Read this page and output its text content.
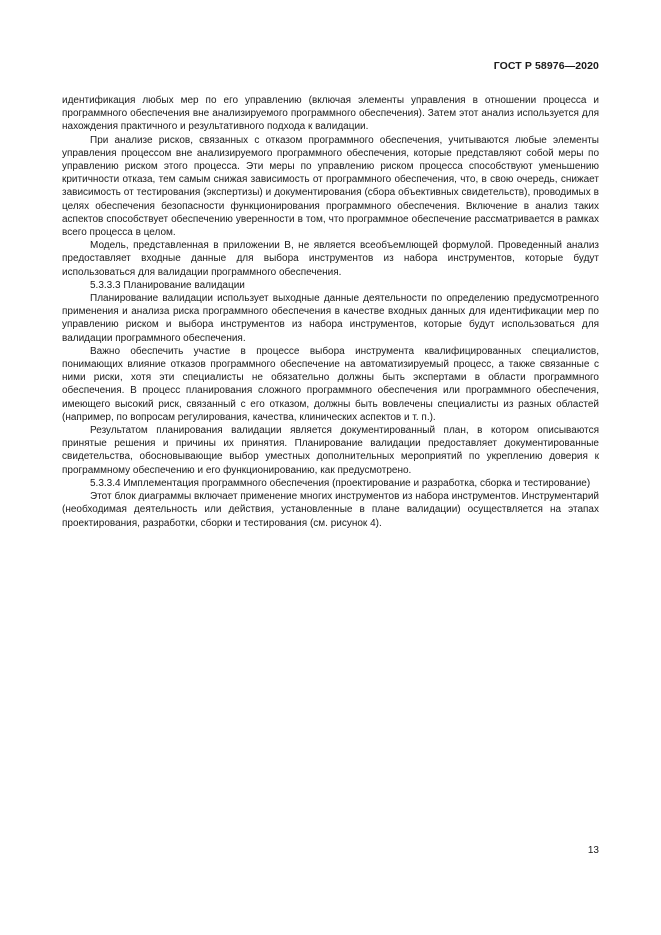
ГОСТ Р 58976—2020

идентификация любых мер по его управлению (включая элементы управления в отношении процесса и программного обеспечения вне анализируемого программного обеспечения). Затем этот анализ используется для нахождения практичного и результативного подхода к валидации.

При анализе рисков, связанных с отказом программного обеспечения, учитываются любые элементы управления процессом вне анализируемого программного обеспечения, которые представляют собой меры по управлению риском этого процесса. Эти меры по управлению риском процесса способствуют уменьшению критичности отказа, тем самым снижая зависимость от программного обеспечения, что, в свою очередь, снижает зависимость от тестирования (экспертизы) и документирования (сбора объективных свидетельств), проводимых в целях обеспечения безопасности функционирования программного обеспечения. Включение в анализ таких аспектов способствует обеспечению уверенности в том, что программное обеспечение рассматривается в рамках всего процесса в целом.

Модель, представленная в приложении В, не является всеобъемлющей формулой. Проведенный анализ предоставляет входные данные для выбора инструментов из набора инструментов, которые будут использоваться для валидации программного обеспечения.

5.3.3.3 Планирование валидации

Планирование валидации использует выходные данные деятельности по определению предусмотренного применения и анализа риска программного обеспечения в качестве входных данных для идентификации мер по управлению риском и выбора инструментов из набора инструментов, которые будут использоваться для валидации программного обеспечения.

Важно обеспечить участие в процессе выбора инструмента квалифицированных специалистов, понимающих влияние отказов программного обеспечение на автоматизируемый процесс, а также связанные с ними риски, хотя эти специалисты не обязательно должны быть экспертами в области программного обеспечения. В процесс планирования сложного программного обеспечения или программного обеспечения, имеющего высокий риск, связанный с его отказом, должны быть вовлечены специалисты из разных областей (например, по вопросам регулирования, качества, клинических аспектов и т. п.).

Результатом планирования валидации является документированный план, в котором описываются принятые решения и причины их принятия. Планирование валидации предоставляет документированные свидетельства, обосновывающие выбор уместных дополнительных мероприятий по укреплению доверия к программному обеспечению и его функционированию, как предусмотрено.

5.3.3.4 Имплементация программного обеспечения (проектирование и разработка, сборка и тестирование)

Этот блок диаграммы включает применение многих инструментов из набора инструментов. Инструментарий (необходимая деятельность или действия, установленные в плане валидации) осуществляется на этапах проектирования, разработки, сборки и тестирования (см. рисунок 4).

13
